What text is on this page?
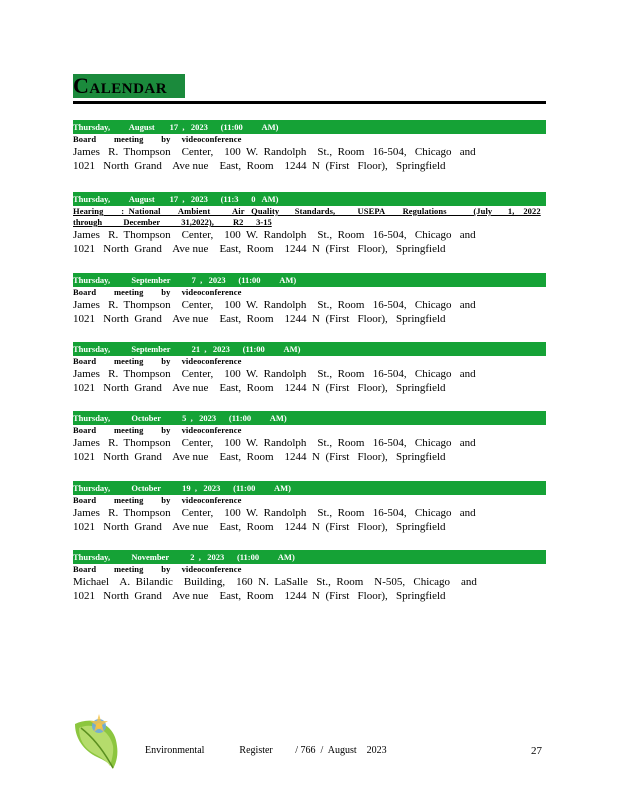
Calendar
Thursday,         August       17  ,   2023      (11:00         AM)
Board        meeting        by     videoconference
James   R.  Thompson    Center,    100  W.  Randolph    St.,  Room   16-504,   Chicago   and
1021   North  Grand    Ave nue    East,  Room    1244  N  (First   Floor),   Springfield
Thursday,         August       17  ,   2023      (11:3      0   AM)
Hearing        :  National        Ambient          Air   Quality       Standards,          USEPA        Regulations            (July       1,    2022
through          December          31,2022),         R2      3-15
James   R.  Thompson    Center,    100  W.  Randolph    St.,  Room   16-504,   Chicago   and
1021   North  Grand    Ave nue    East,  Room    1244  N  (First   Floor),   Springfield
Thursday,          September          7  ,   2023      (11:00         AM)
Board        meeting        by     videoconference
James   R.  Thompson    Center,    100  W.  Randolph    St.,  Room   16-504,   Chicago   and
1021   North  Grand    Ave nue    East,  Room    1244  N  (First   Floor),   Springfield
Thursday,          September          21  ,   2023      (11:00         AM)
Board        meeting        by     videoconference
James   R.  Thompson    Center,    100  W.  Randolph    St.,  Room   16-504,   Chicago   and
1021   North  Grand    Ave nue    East,  Room    1244  N  (First   Floor),   Springfield
Thursday,          October          5  ,   2023      (11:00         AM)
Board        meeting        by     videoconference
James   R.  Thompson    Center,    100  W.  Randolph    St.,  Room   16-504,   Chicago   and
1021   North  Grand    Ave nue    East,  Room    1244  N  (First   Floor),   Springfield
Thursday,          October          19  ,   2023      (11:00         AM)
Board        meeting        by     videoconference
James   R.  Thompson    Center,    100  W.  Randolph    St.,  Room   16-504,   Chicago   and
1021   North  Grand    Ave nue    East,  Room    1244  N  (First   Floor),   Springfield
Thursday,          November          2  ,   2023      (11:00         AM)
Board        meeting        by     videoconference
Michael    A.  Bilandic    Building,    160  N.  LaSalle   St.,  Room    N-505,   Chicago    and
1021   North  Grand    Ave nue    East,  Room    1244  N  (First   Floor),   Springfield
Environmental              Register         / 766  /  August    2023	27
